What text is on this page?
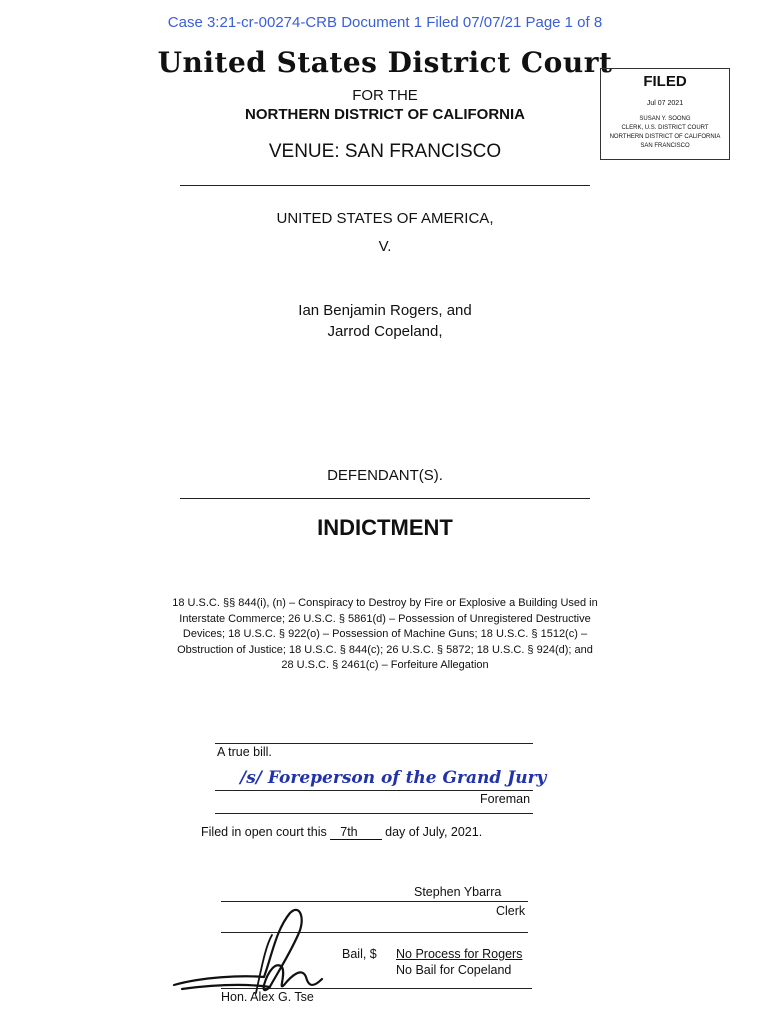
Case 3:21-cr-00274-CRB Document 1 Filed 07/07/21 Page 1 of 8
United States District Court
FOR THE
NORTHERN DISTRICT OF CALIFORNIA
VENUE: SAN FRANCISCO
FILED
Jul 07 2021
SUSAN Y. SOONG
CLERK, U.S. DISTRICT COURT
NORTHERN DISTRICT OF CALIFORNIA
SAN FRANCISCO
UNITED STATES OF AMERICA,
V.
Ian Benjamin Rogers, and
Jarrod Copeland,
DEFENDANT(S).
INDICTMENT
18 U.S.C. §§ 844(i), (n) – Conspiracy to Destroy by Fire or Explosive a Building Used in Interstate Commerce; 26 U.S.C. § 5861(d) – Possession of Unregistered Destructive Devices; 18 U.S.C. § 922(o) – Possession of Machine Guns; 18 U.S.C. § 1512(c) – Obstruction of Justice; 18 U.S.C. § 844(c); 26 U.S.C. § 5872; 18 U.S.C. § 924(d); and 28 U.S.C. § 2461(c) – Forfeiture Allegation
A true bill.
/s/ Foreperson of the Grand Jury
Foreman
Filed in open court this 7th day of July, 2021.
Stephen Ybarra
Clerk
Bail, $ No Process for Rogers
No Bail for Copeland
Hon. Alex G. Tse
